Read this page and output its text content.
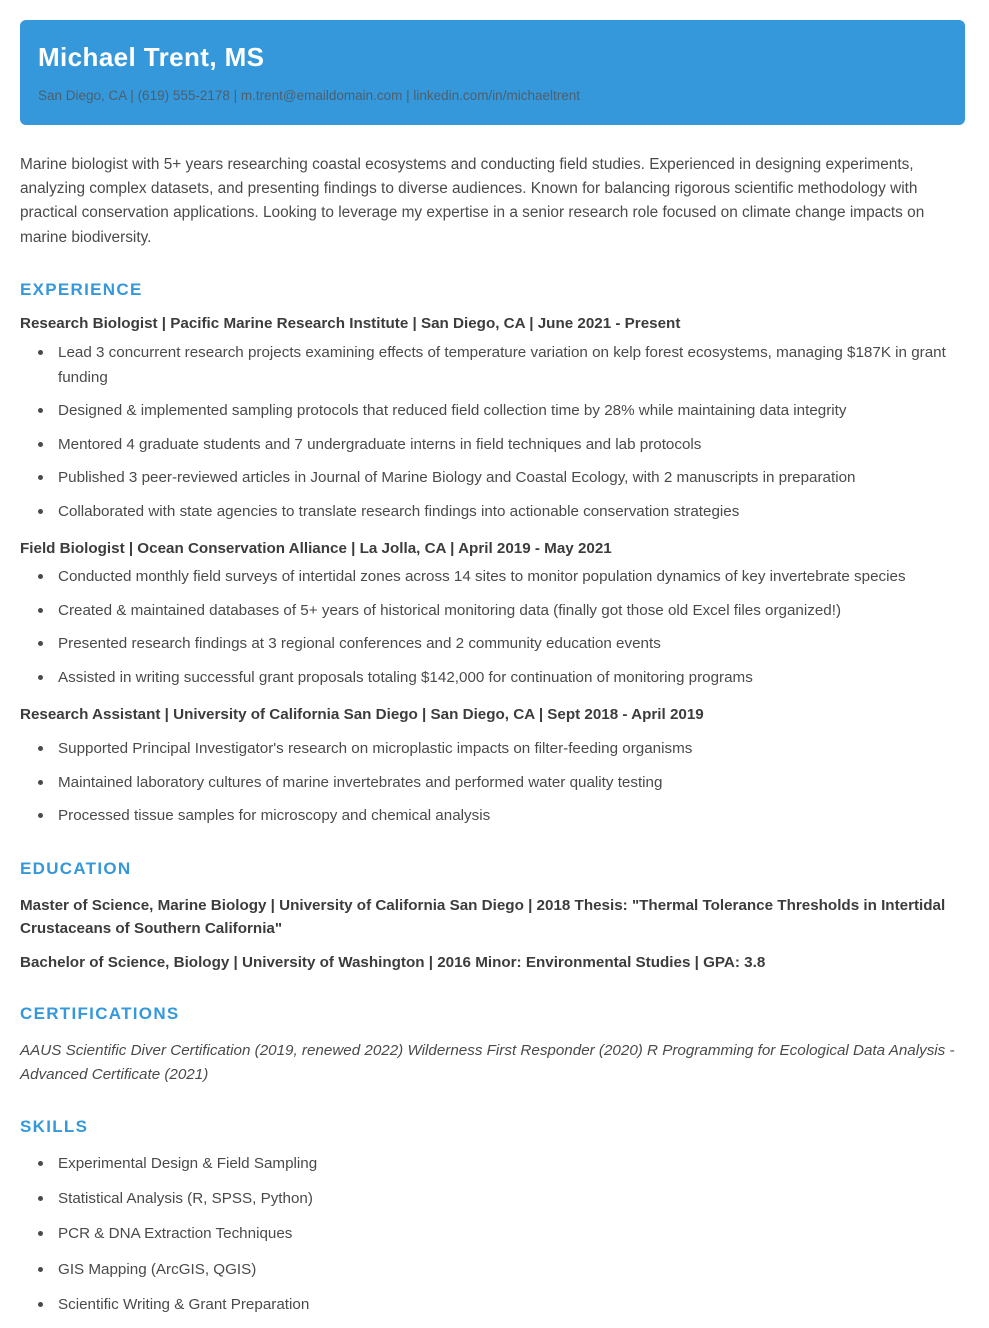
Michael Trent, MS
San Diego, CA | (619) 555-2178 | m.trent@emaildomain.com | linkedin.com/in/michaeltrent

Marine biologist with 5+ years researching coastal ecosystems and conducting field studies. Experienced in designing experiments, analyzing complex datasets, and presenting findings to diverse audiences. Known for balancing rigorous scientific methodology with practical conservation applications. Looking to leverage my expertise in a senior research role focused on climate change impacts on marine biodiversity.

EXPERIENCE
Research Biologist | Pacific Marine Research Institute | San Diego, CA | June 2021 - Present
Lead 3 concurrent research projects examining effects of temperature variation on kelp forest ecosystems, managing $187K in grant funding
Designed & implemented sampling protocols that reduced field collection time by 28% while maintaining data integrity
Mentored 4 graduate students and 7 undergraduate interns in field techniques and lab protocols
Published 3 peer-reviewed articles in Journal of Marine Biology and Coastal Ecology, with 2 manuscripts in preparation
Collaborated with state agencies to translate research findings into actionable conservation strategies
Field Biologist | Ocean Conservation Alliance | La Jolla, CA | April 2019 - May 2021
Conducted monthly field surveys of intertidal zones across 14 sites to monitor population dynamics of key invertebrate species
Created & maintained databases of 5+ years of historical monitoring data (finally got those old Excel files organized!)
Presented research findings at 3 regional conferences and 2 community education events
Assisted in writing successful grant proposals totaling $142,000 for continuation of monitoring programs
Research Assistant | University of California San Diego | San Diego, CA | Sept 2018 - April 2019
Supported Principal Investigator's research on microplastic impacts on filter-feeding organisms
Maintained laboratory cultures of marine invertebrates and performed water quality testing
Processed tissue samples for microscopy and chemical analysis
EDUCATION
Master of Science, Marine Biology | University of California San Diego | 2018 Thesis: "Thermal Tolerance Thresholds in Intertidal Crustaceans of Southern California"
Bachelor of Science, Biology | University of Washington | 2016 Minor: Environmental Studies | GPA: 3.8
CERTIFICATIONS

AAUS Scientific Diver Certification (2019, renewed 2022) Wilderness First Responder (2020) R Programming for Ecological Data Analysis - Advanced Certificate (2021)

SKILLS
Experimental Design & Field Sampling
Statistical Analysis (R, SPSS, Python)
PCR & DNA Extraction Techniques
GIS Mapping (ArcGIS, QGIS)
Scientific Writing & Grant Preparation
